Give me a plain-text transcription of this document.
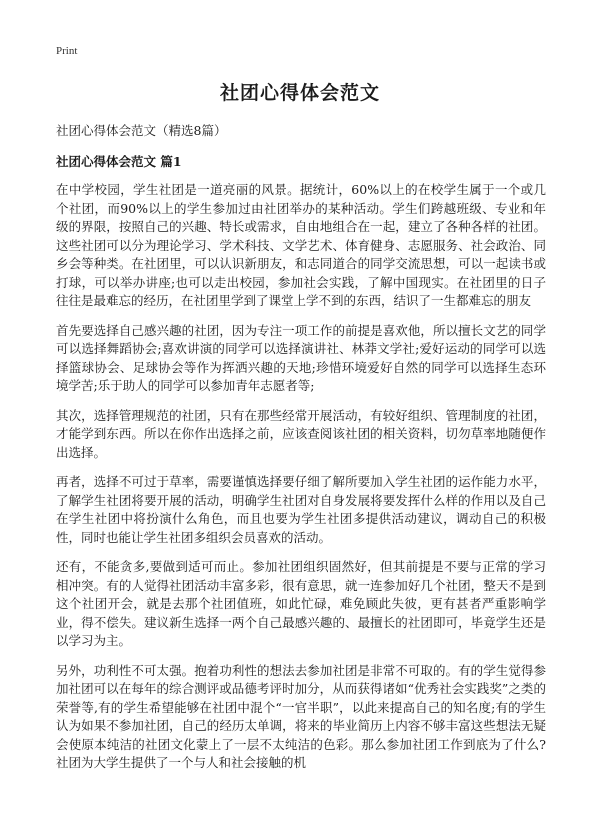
Print
社团心得体会范文
社团心得体会范文（精选8篇）
社团心得体会范文 篇1

在中学校园，学生社团是一道亮丽的风景。据统计，60%以上的在校学生属于一个或几个社团，而90%以上的学生参加过由社团举办的某种活动。学生们跨越班级、专业和年级的界限，按照自己的兴趣、特长或需求，自由地组合在一起，建立了各种各样的社团。这些社团可以分为理论学习、学术科技、文学艺术、体育健身、志愿服务、社会政治、同乡会等种类。在社团里，可以认识新朋友，和志同道合的同学交流思想，可以一起读书或打球，可以举办讲座;也可以走出校园，参加社会实践，了解中国现实。在社团里的日子往往是最难忘的经历，在社团里学到了课堂上学不到的东西，结识了一生都难忘的朋友

首先要选择自己感兴趣的社团，因为专注一项工作的前提是喜欢他，所以擅长文艺的同学可以选择舞蹈协会;喜欢讲演的同学可以选择演讲社、林莽文学社;爱好运动的同学可以选择篮球协会、足球协会等作为挥洒兴趣的天地;珍惜环境爱好自然的同学可以选择生态环境学苦;乐于助人的同学可以参加青年志愿者等;

其次，选择管理规范的社团，只有在那些经常开展活动，有较好组织、管理制度的社团，才能学到东西。所以在你作出选择之前，应该查阅该社团的相关资料，切勿草率地随便作出选择。

再者，选择不可过于草率，需要谨慎选择要仔细了解所要加入学生社团的运作能力水平，了解学生社团将要开展的活动，明确学生社团对自身发展将要发挥什么样的作用以及自己在学生社团中将扮演什么角色，而且也要为学生社团多提供活动建议，调动自己的积极性，同时也能让学生社团多组织会员喜欢的活动。

还有，不能贪多,要做到适可而止。参加社团组织固然好，但其前提是不要与正常的学习相冲突。有的人觉得社团活动丰富多彩，很有意思，就一连参加好几个社团，整天不是到这个社团开会，就是去那个社团值班，如此忙碌，难免顾此失彼，更有甚者严重影响学业，得不偿失。建议新生选择一两个自己最感兴趣的、最擅长的社团即可，毕竟学生还是以学习为主。

另外，功利性不可太强。抱着功利性的想法去参加社团是非常不可取的。有的学生觉得参加社团可以在每年的综合测评或品德考评时加分，从而获得诸如“优秀社会实践奖”之类的荣誉等,有的学生希望能够在社团中混个“一官半职”，以此来提高自己的知名度;有的学生认为如果不参加社团，自己的经历太单调，将来的毕业简历上内容不够丰富这些想法无疑会使原本纯洁的社团文化蒙上了一层不太纯洁的色彩。那么参加社团工作到底为了什么?社团为大学生提供了一个与人和社会接触的机
